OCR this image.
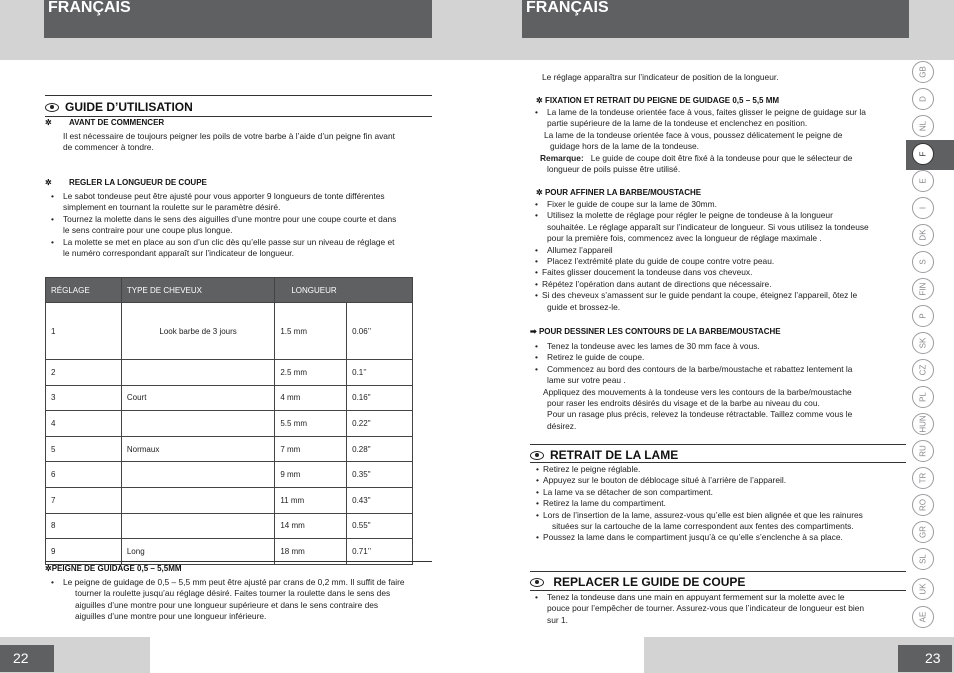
FRANÇAIS
GUIDE D’UTILISATION
✲ AVANT DE COMMENCER
Il est nécessaire de toujours peigner les poils de votre barbe à l’aide d’un peigne fin avant
de commencer à tondre.
✲ REGLER LA LONGUEUR DE COUPE
• Le sabot tondeuse peut être ajusté pour vous apporter 9 longueurs de tonte différentes
simplement en tournant la roulette sur le paramètre désiré.
• Tournez la molette dans le sens des aiguilles d’une montre pour une coupe courte et dans
le sens contraire pour une coupe plus longue.
• La molette se met en place au son d’un clic dès qu’elle passe sur un niveau de réglage et
le numéro correspondant apparaît sur l’indicateur de longueur.
RÉGLAGE	TYPE DE CHEVEUX	LONGUEUR	
1	Look barbe de 3 jours	1.5 mm	0.06’’
2		2.5 mm	0.1’’
3	Court	4 mm	0.16"
4		5.5 mm	0.22"
5	Normaux	7 mm	0.28"
6		9 mm	0.35"
7		11 mm	0.43"
8		14 mm	0.55"
9	Long	18 mm	0.71’’
✲PEIGNE DE GUIDAGE 0,5 – 5,5MM
• Le peigne de guidage de 0,5 – 5,5 mm peut être ajusté par crans de 0,2 mm. Il suffit de faire
tourner la roulette jusqu’au réglage désiré. Faites tourner la roulette dans le sens des
aiguilles d’une montre pour une longueur supérieure et dans le sens contraire des
aiguilles d’une montre pour une longueur inférieure.
22
FRANÇAIS
Le réglage apparaîtra sur l’indicateur de position de la longueur.
✲ FIXATION ET RETRAIT DU PEIGNE DE GUIDAGE 0,5 – 5,5 MM
• La lame de la tondeuse orientée face à vous, faites glisser le peigne de guidage sur la
partie supérieure de la lame de la tondeuse et enclenchez en position.
La lame de la tondeuse orientée face à vous, poussez délicatement le peigne de
guidage hors de la lame de la tondeuse.
Remarque: Le guide de coupe doit être fixé à la tondeuse pour que le sélecteur de
longueur de poils puisse être utilisé.
✲ POUR AFFINER LA BARBE/MOUSTACHE
• Fixer le guide de coupe sur la lame de 30mm.
• Utilisez la molette de réglage pour régler le peigne de tondeuse à la longueur
souhaitée. Le réglage apparaît sur l’indicateur de longueur. Si vous utilisez la tondeuse
pour la première fois, commencez avec la longueur de réglage maximale .
• Allumez l’appareil
• Placez l’extrémité plate du guide de coupe contre votre peau.
• Faites glisser doucement la tondeuse dans vos cheveux.
• Répétez l’opération dans autant de directions que nécessaire.
• Si des cheveux s’amassent sur le guide pendant la coupe, éteignez l’appareil, ôtez le
guide et brossez-le.
➡ POUR DESSINER LES CONTOURS DE LA BARBE/MOUSTACHE
• Tenez la tondeuse avec les lames de 30 mm face à vous.
• Retirez le guide de coupe.
• Commencez au bord des contours de la barbe/moustache et rabattez lentement la
lame sur votre peau .
Appliquez des mouvements à la tondeuse vers les contours de la barbe/moustache
pour raser les endroits désirés du visage et de la barbe au niveau du cou.
Pour un rasage plus précis, relevez la tondeuse rétractable. Taillez comme vous le
désirez.
RETRAIT DE LA LAME
• Retirez le peigne réglable.
• Appuyez sur le bouton de déblocage situé à l’arrière de l’appareil.
• La lame va se détacher de son compartiment.
• Retirez la lame du compartiment.
• Lors de l’insertion de la lame, assurez-vous qu’elle est bien alignée et que les rainures
situées sur la cartouche de la lame correspondent aux fentes des compartiments.
• Poussez la lame dans le compartiment jusqu’à ce qu’elle s’enclenche à sa place.
REPLACER LE GUIDE DE COUPE
• Tenez la tondeuse dans une main en appuyant fermement sur la molette avec le
pouce pour l’empêcher de tourner. Assurez-vous que l’indicateur de longueur est bien
sur 1.
23
GB
D
NL
F
E
I
DK
S
FIN
P
SK
CZ
PL
HUN
RU
TR
RO
GR
SL
UK
AE
